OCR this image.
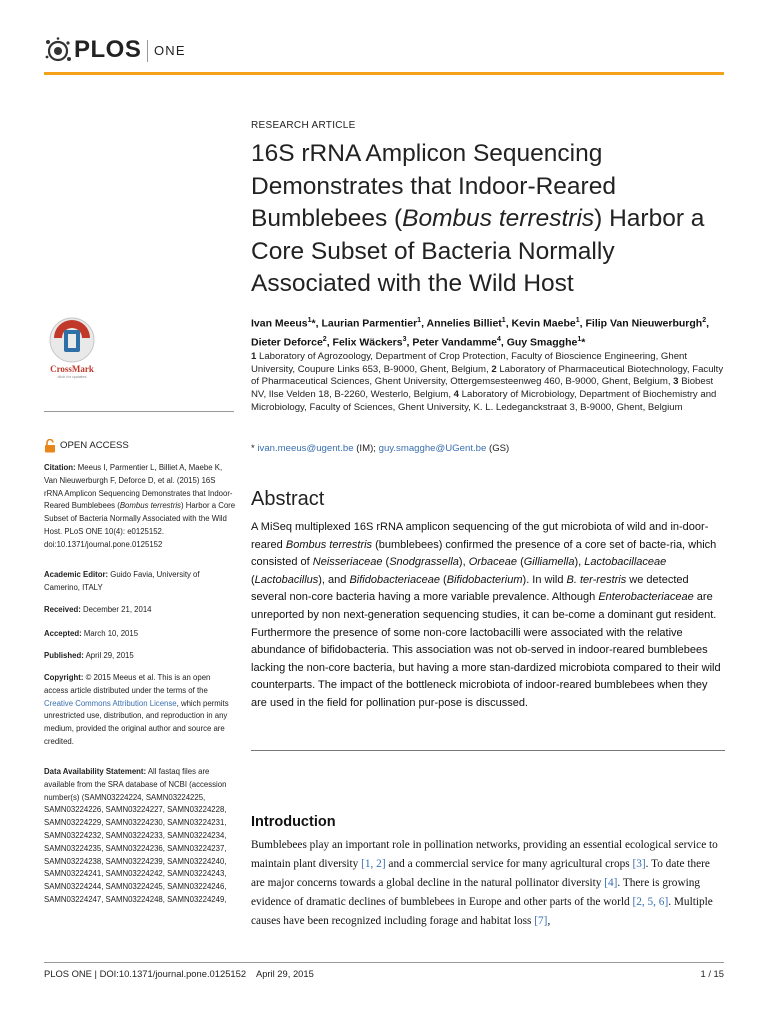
PLOS ONE
RESEARCH ARTICLE
16S rRNA Amplicon Sequencing Demonstrates that Indoor-Reared Bumblebees (Bombus terrestris) Harbor a Core Subset of Bacteria Normally Associated with the Wild Host
Ivan Meeus$^1$*, Laurian Parmentier$^1$, Annelies Billiet$^1$, Kevin Maebe$^1$, Filip Van Nieuwerburgh$^2$, Dieter Deforce$^2$, Felix Wäckers$^3$, Peter Vandamme$^4$, Guy Smagghe$^1$*
1 Laboratory of Agrozoology, Department of Crop Protection, Faculty of Bioscience Engineering, Ghent University, Coupure Links 653, B-9000, Ghent, Belgium, 2 Laboratory of Pharmaceutical Biotechnology, Faculty of Pharmaceutical Sciences, Ghent University, Ottergemsesteenweg 460, B-9000, Ghent, Belgium, 3 Biobest NV, Ilse Velden 18, B-2260, Westerlo, Belgium, 4 Laboratory of Microbiology, Department of Biochemistry and Microbiology, Faculty of Sciences, Ghent University, K. L. Ledeganckstraat 3, B-9000, Ghent, Belgium
* ivan.meeus@ugent.be (IM); guy.smagghe@UGent.be (GS)
Abstract
A MiSeq multiplexed 16S rRNA amplicon sequencing of the gut microbiota of wild and in-door-reared Bombus terrestris (bumblebees) confirmed the presence of a core set of bacte-ria, which consisted of Neisseriaceae (Snodgrassella), Orbaceae (Gilliamella), Lactobacillaceae (Lactobacillus), and Bifidobacteriaceae (Bifidobacterium). In wild B. ter-restris we detected several non-core bacteria having a more variable prevalence. Although Enterobacteriaceae are unreported by non next-generation sequencing studies, it can be-come a dominant gut resident. Furthermore the presence of some non-core lactobacilli were associated with the relative abundance of bifidobacteria. This association was not ob-served in indoor-reared bumblebees lacking the non-core bacteria, but having a more stan-dardized microbiota compared to their wild counterparts. The impact of the bottleneck microbiota of indoor-reared bumblebees when they are used in the field for pollination pur-pose is discussed.
Introduction
Bumblebees play an important role in pollination networks, providing an essential ecological service to maintain plant diversity [1, 2] and a commercial service for many agricultural crops [3]. To date there are major concerns towards a global decline in the natural pollinator diversity [4]. There is growing evidence of dramatic declines of bumblebees in Europe and other parts of the world [2, 5, 6]. Multiple causes have been recognized including forage and habitat loss [7],
CrossMark
click for updates
OPEN ACCESS
Citation: Meeus I, Parmentier L, Billiet A, Maebe K, Van Nieuwerburgh F, Deforce D, et al. (2015) 16S rRNA Amplicon Sequencing Demonstrates that Indoor-Reared Bumblebees (Bombus terrestris) Harbor a Core Subset of Bacteria Normally Associated with the Wild Host. PLoS ONE 10(4): e0125152. doi:10.1371/journal.pone.0125152
Academic Editor: Guido Favia, University of Camerino, ITALY
Received: December 21, 2014
Accepted: March 10, 2015
Published: April 29, 2015
Copyright: © 2015 Meeus et al. This is an open access article distributed under the terms of the Creative Commons Attribution License, which permits unrestricted use, distribution, and reproduction in any medium, provided the original author and source are credited.
Data Availability Statement: All fastaq files are available from the SRA database of NCBI (accession number(s) (SAMN03224224, SAMN03224225, SAMN03224226, SAMN03224227, SAMN03224228, SAMN03224229, SAMN03224230, SAMN03224231, SAMN03224232, SAMN03224233, SAMN03224234, SAMN03224235, SAMN03224236, SAMN03224237, SAMN03224238, SAMN03224239, SAMN03224240, SAMN03224241, SAMN03224242, SAMN03224243, SAMN03224244, SAMN03224245, SAMN03224246, SAMN03224247, SAMN03224248, SAMN03224249,
PLOS ONE | DOI:10.1371/journal.pone.0125152    April 29, 2015	1 / 15
